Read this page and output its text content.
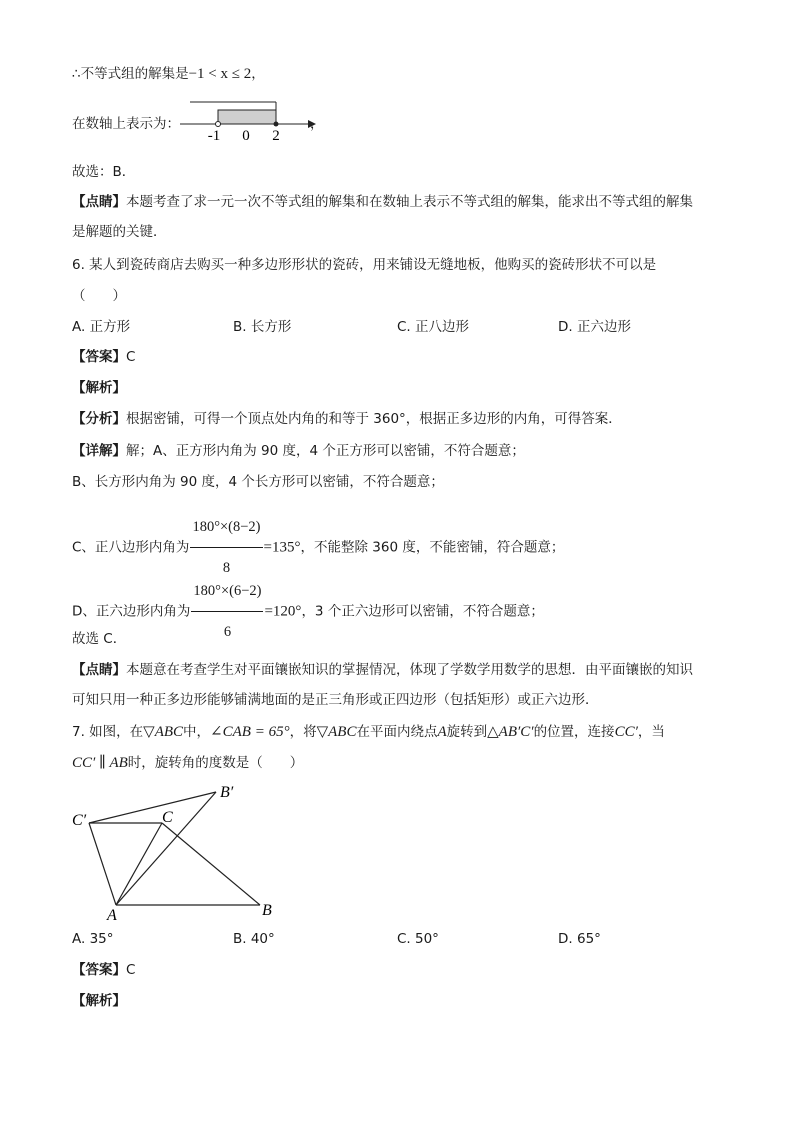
∴不等式组的解集是−1 < x ≤ 2，
在数轴上表示为：
-1 0 2
，
故选：B．
【点睛】本题考查了求一元一次不等式组的解集和在数轴上表示不等式组的解集，能求出不等式组的解集
是解题的关键．
6. 某人到瓷砖商店去购买一种多边形形状的瓷砖，用来铺设无缝地板，他购买的瓷砖形状不可以是
（　　）
A. 正方形	B. 长方形	C. 正八边形	D. 正六边形
【答案】C
【解析】
【分析】根据密铺，可得一个顶点处内角的和等于 360°，根据正多边形的内角，可得答案．
【详解】解；A、正方形内角为 90 度，4 个正方形可以密铺，不符合题意；
B、长方形内角为 90 度，4 个长方形可以密铺，不符合题意；
C、正八边形内角为 $\frac{180^\circ\times(8-2)}{8} =135^\circ$，不能整除 360 度，不能密铺，符合题意；
D、正六边形内角为 $\frac{180^\circ\times(6-2)}{6} =120^\circ$，3 个正六边形可以密铺，不符合题意；
故选 C．
【点睛】本题意在考查学生对平面镶嵌知识的掌握情况，体现了学数学用数学的思想．由平面镶嵌的知识
可知只用一种正多边形能够铺满地面的是正三角形或正四边形（包括矩形）或正六边形．
7. 如图，在▽ABC中，∠CAB = 65°，将▽ABC在平面内绕点A旋转到△AB′C′的位置，连接CC′，当
CC′ ∥ AB时，旋转角的度数是（　　）
C′	C
B′
A	B
A. 35°	B. 40°	C. 50°	D. 65°
【答案】C
【解析】
